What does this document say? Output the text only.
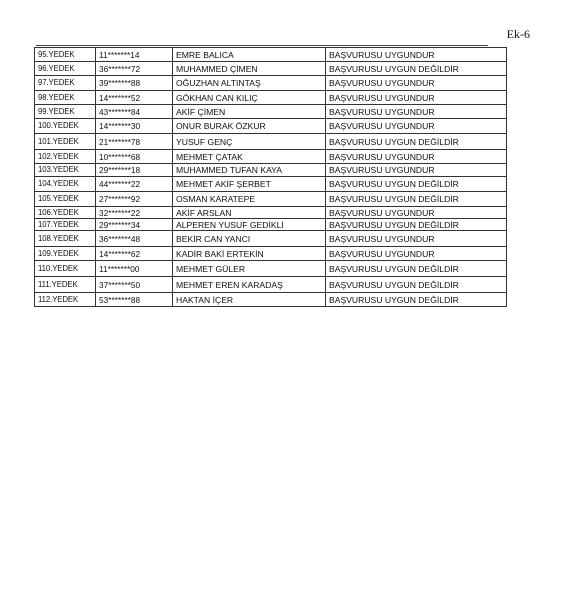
Ek-6
95.YEDEK	11*******14	EMRE BALICA	BAŞVURUSU UYGUNDUR
96.YEDEK	36*******72	MUHAMMED ÇİMEN	BAŞVURUSU UYGUN DEĞİLDİR
97.YEDEK	39*******88	OĞUZHAN ALTINTAŞ	BAŞVURUSU UYGUNDUR
98.YEDEK	14*******52	GÖKHAN CAN KILIÇ	BAŞVURUSU UYGUNDUR
99.YEDEK	43*******84	AKİF ÇİMEN	BAŞVURUSU UYGUNDUR
100.YEDEK	14*******30	ONUR BURAK ÖZKUR	BAŞVURUSU UYGUNDUR
101.YEDEK	21*******78	YUSUF GENÇ	BAŞVURUSU UYGUN DEĞİLDİR
102.YEDEK	10*******68	MEHMET ÇATAK	BAŞVURUSU UYGUNDUR
103.YEDEK	29*******18	MUHAMMED TUFAN KAYA	BAŞVURUSU UYGUNDUR
104.YEDEK	44*******22	MEHMET AKİF ŞERBET	BAŞVURUSU UYGUN DEĞİLDİR
105.YEDEK	27*******92	OSMAN KARATEPE	BAŞVURUSU UYGUN DEĞİLDİR
106.YEDEK	32*******22	AKİF ARSLAN	BAŞVURUSU UYGUNDUR
107.YEDEK	29*******34	ALPEREN YUSUF GEDİKLİ	BAŞVURUSU UYGUN DEĞİLDİR
108.YEDEK	36*******48	BEKİR CAN YANCI	BAŞVURUSU UYGUNDUR
109.YEDEK	14*******62	KADİR BAKİ ERTEKİN	BAŞVURUSU UYGUNDUR
110.YEDEK	11*******00	MEHMET GÜLER	BAŞVURUSU UYGUN DEĞİLDİR
111.YEDEK	37*******50	MEHMET EREN KARADAŞ	BAŞVURUSU UYGUN DEĞİLDİR
112.YEDEK	53*******88	HAKTAN İÇER	BAŞVURUSU UYGUN DEĞİLDİR
